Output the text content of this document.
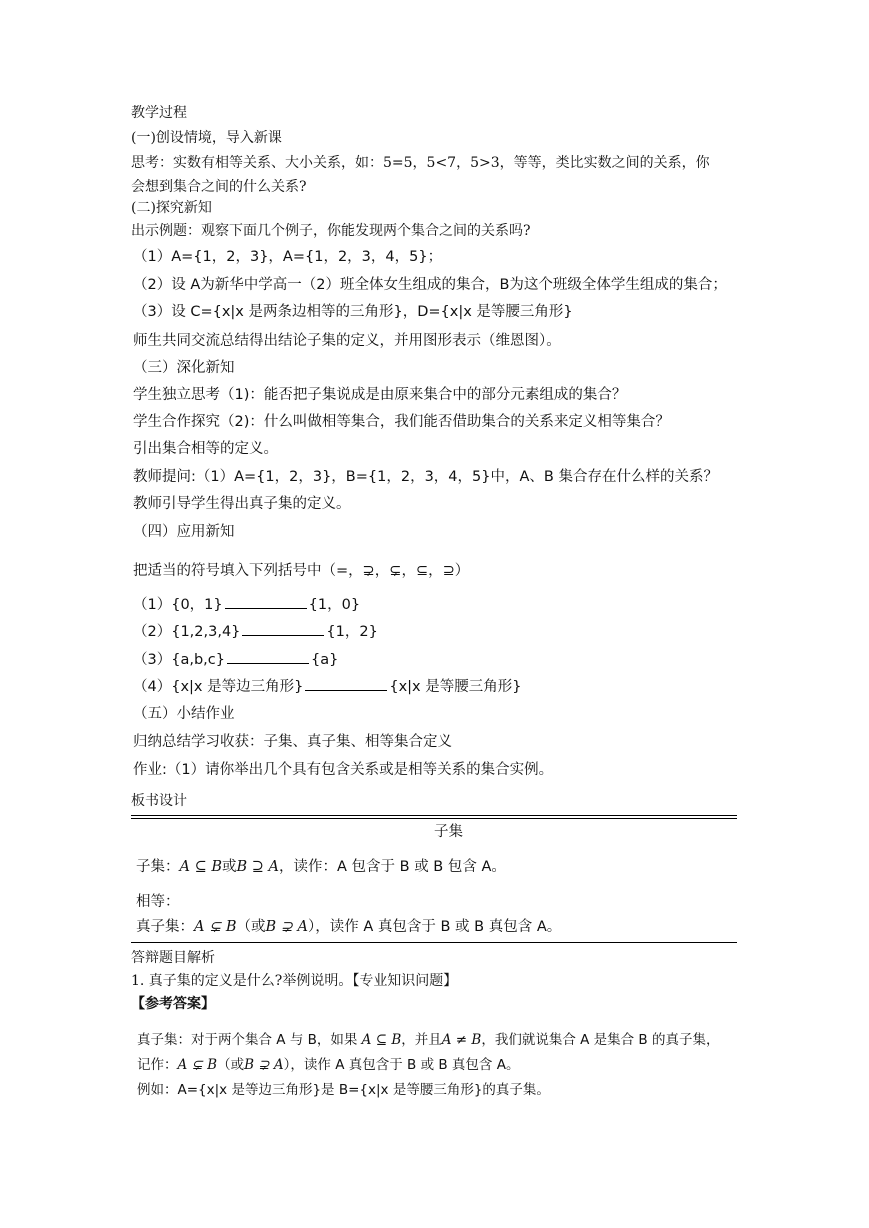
教学过程
(一)创设情境，导入新课
思考：实数有相等关系、大小关系，如：5=5，5<7，5>3，等等，类比实数之间的关系，你
会想到集合之间的什么关系?
(二)探究新知
出示例题：观察下面几个例子，你能发现两个集合之间的关系吗?
（1）A={1，2，3}，A={1，2，3，4，5}；
（2）设 A为新华中学高一（2）班全体女生组成的集合，B为这个班级全体学生组成的集合；
（3）设 C={x|x 是两条边相等的三角形}，D={x|x 是等腰三角形}
师生共同交流总结得出结论子集的定义，并用图形表示（维恩图）。
（三）深化新知
学生独立思考（1)：能否把子集说成是由原来集合中的部分元素组成的集合？
学生合作探究（2)：什么叫做相等集合，我们能否借助集合的关系来定义相等集合？
引出集合相等的定义。
教师提问:（1）A={1，2，3}，B={1，2，3，4，5}中，A、B 集合存在什么样的关系？
教师引导学生得出真子集的定义。
（四）应用新知
把适当的符号填入下列括号中（=，⊋，⊊，⊆，⊇）
（1）{0，1}	{1，0}
（2）{1,2,3,4}	{1，2}
（3）{a,b,c}	{a}
（4）{x|x 是等边三角形}	{x|x 是等腰三角形}
（五）小结作业
归纳总结学习收获：子集、真子集、相等集合定义
作业:（1）请你举出几个具有包含关系或是相等关系的集合实例。
板书设计
子集
子集：A ⊆ B或B ⊇ A，读作：A 包含于 B 或 B 包含 A。
相等：
真子集：A ⊊ B（或B ⊋ A），读作 A 真包含于 B 或 B 真包含 A。
答辩题目解析
1. 真子集的定义是什么?举例说明。【专业知识问题】
【参考答案】
真子集：对于两个集合 A 与 B，如果 A ⊆ B，并且A ≠ B，我们就说集合 A 是集合 B 的真子集，
记作：A ⊊ B（或B ⊋ A），读作 A 真包含于 B 或 B 真包含 A。
例如：A={x|x 是等边三角形}是 B={x|x 是等腰三角形}的真子集。
